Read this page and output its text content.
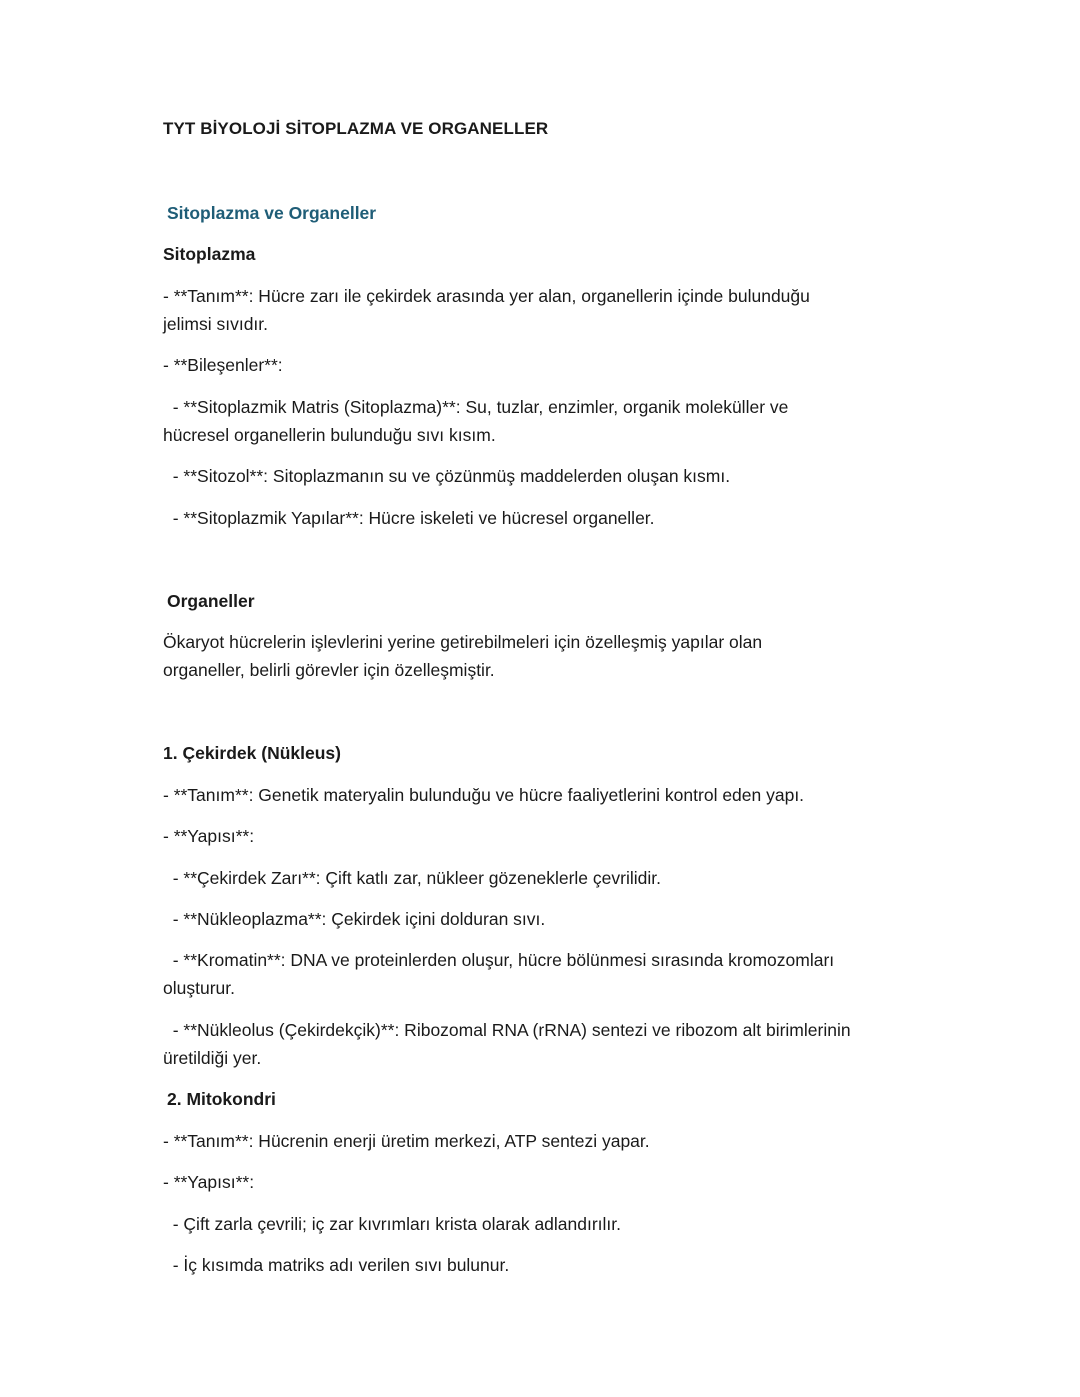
TYT BİYOLOJİ SİTOPLAZMA VE ORGANELLER
Sitoplazma ve Organeller
Sitoplazma
- **Tanım**: Hücre zarı ile çekirdek arasında yer alan, organellerin içinde bulunduğu
jelimsi sıvıdır.
- **Bileşenler**:
- **Sitoplazmik Matris (Sitoplazma)**: Su, tuzlar, enzimler, organik moleküller ve
hücresel organellerin bulunduğu sıvı kısım.
- **Sitozol**: Sitoplazmanın su ve çözünmüş maddelerden oluşan kısmı.
- **Sitoplazmik Yapılar**: Hücre iskeleti ve hücresel organeller.
Organeller
Ökaryot hücrelerin işlevlerini yerine getirebilmeleri için özelleşmiş yapılar olan
organeller, belirli görevler için özelleşmiştir.
1. Çekirdek (Nükleus)
- **Tanım**: Genetik materyalin bulunduğu ve hücre faaliyetlerini kontrol eden yapı.
- **Yapısı**:
- **Çekirdek Zarı**: Çift katlı zar, nükleer gözeneklerle çevrilidir.
- **Nükleoplazma**: Çekirdek içini dolduran sıvı.
- **Kromatin**: DNA ve proteinlerden oluşur, hücre bölünmesi sırasında kromozomları
oluşturur.
- **Nükleolus (Çekirdekçik)**: Ribozomal RNA (rRNA) sentezi ve ribozom alt birimlerinin
üretildiği yer.
2. Mitokondri
- **Tanım**: Hücrenin enerji üretim merkezi, ATP sentezi yapar.
- **Yapısı**:
- Çift zarla çevrili; iç zar kıvrımları krista olarak adlandırılır.
- İç kısımda matriks adı verilen sıvı bulunur.
